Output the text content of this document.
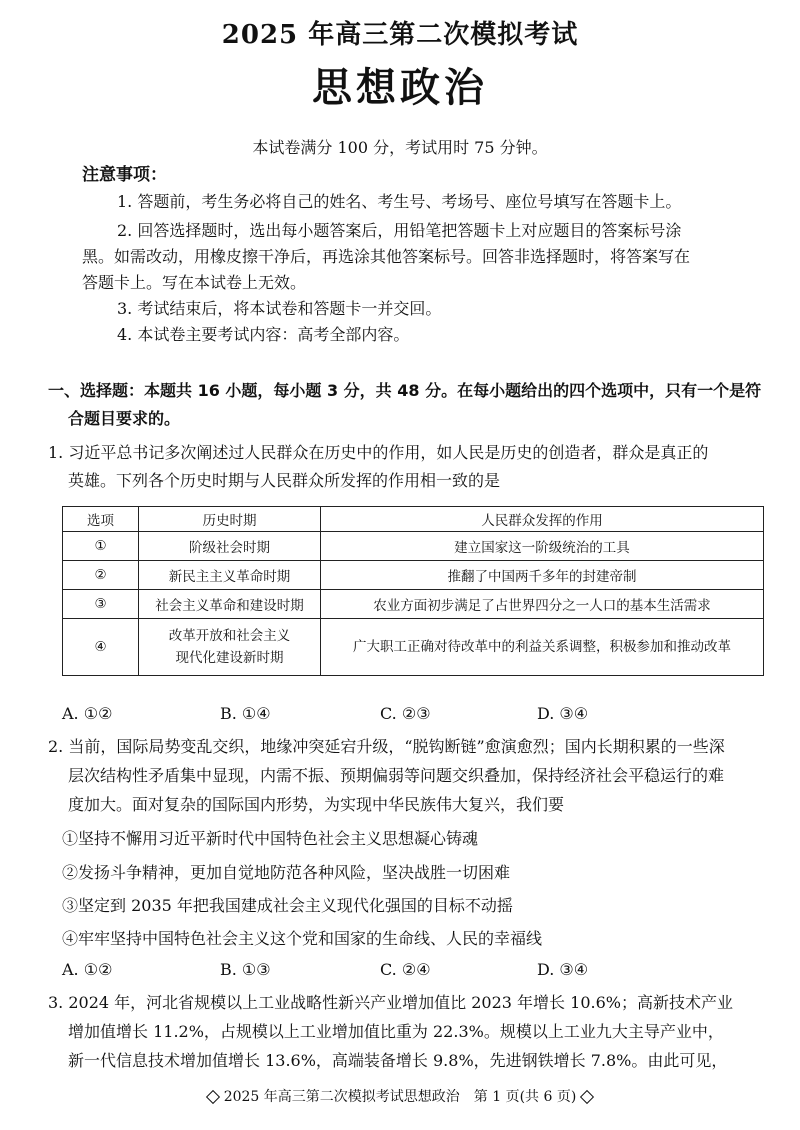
2025 年高三第二次模拟考试
思想政治
本试卷满分 100 分，考试用时 75 分钟。
注意事项：
1. 答题前，考生务必将自己的姓名、考生号、考场号、座位号填写在答题卡上。
2. 回答选择题时，选出每小题答案后，用铅笔把答题卡上对应题目的答案标号涂
黑。如需改动，用橡皮擦干净后，再选涂其他答案标号。回答非选择题时，将答案写在
答题卡上。写在本试卷上无效。
3. 考试结束后，将本试卷和答题卡一并交回。
4. 本试卷主要考试内容：高考全部内容。
一、选择题：本题共 16 小题，每小题 3 分，共 48 分。在每小题给出的四个选项中，只有一个是符
合题目要求的。
1. 习近平总书记多次阐述过人民群众在历史中的作用，如人民是历史的创造者，群众是真正的
英雄。下列各个历史时期与人民群众所发挥的作用相一致的是
选项	历史时期	人民群众发挥的作用
①	阶级社会时期	建立国家这一阶级统治的工具
②	新民主主义革命时期	推翻了中国两千多年的封建帝制
③	社会主义革命和建设时期	农业方面初步满足了占世界四分之一人口的基本生活需求
④	改革开放和社会主义
现代化建设新时期	广大职工正确对待改革中的利益关系调整，积极参加和推动改革
A. ①②	B. ①④	C. ②③	D. ③④
2. 当前，国际局势变乱交织，地缘冲突延宕升级，“脱钩断链”愈演愈烈；国内长期积累的一些深
层次结构性矛盾集中显现，内需不振、预期偏弱等问题交织叠加，保持经济社会平稳运行的难
度加大。面对复杂的国际国内形势，为实现中华民族伟大复兴，我们要
①坚持不懈用习近平新时代中国特色社会主义思想凝心铸魂
②发扬斗争精神，更加自觉地防范各种风险，坚决战胜一切困难
③坚定到 2035 年把我国建成社会主义现代化强国的目标不动摇
④牢牢坚持中国特色社会主义这个党和国家的生命线、人民的幸福线
A. ①②	B. ①③	C. ②④	D. ③④
3. 2024 年，河北省规模以上工业战略性新兴产业增加值比 2023 年增长 10.6%；高新技术产业
增加值增长 11.2%，占规模以上工业增加值比重为 22.3%。规模以上工业九大主导产业中，
新一代信息技术增加值增长 13.6%，高端装备增长 9.8%，先进钢铁增长 7.8%。由此可见，
2025 年高三第二次模拟考试思想政治　第 1 页(共 6 页)
